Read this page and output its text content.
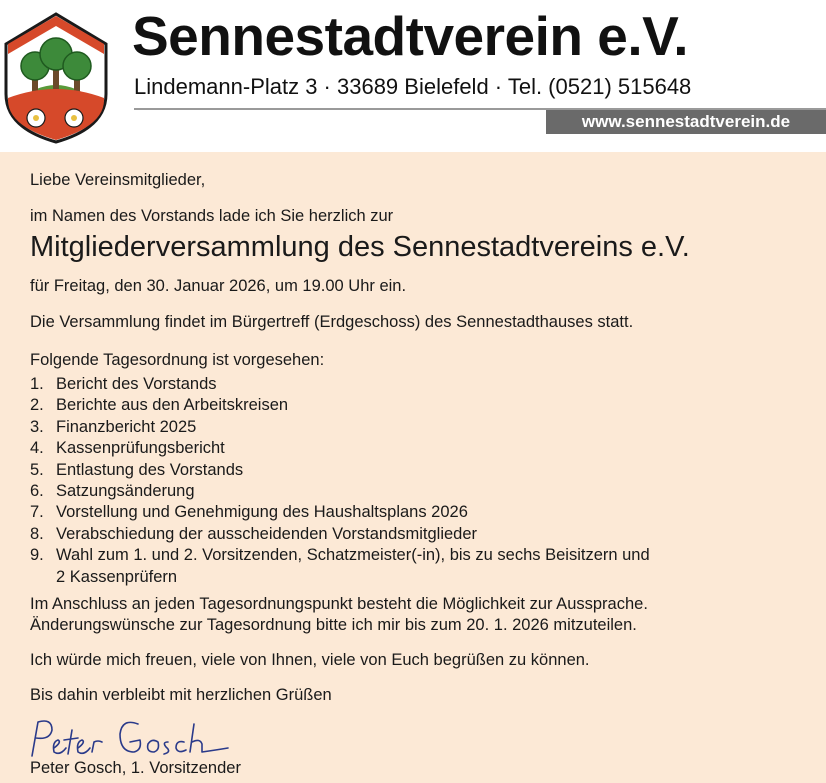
Sennestadtverein e.V.
Lindemann-Platz 3 · 33689 Bielefeld · Tel. (0521) 515648
www.sennestadtverein.de

Liebe Vereinsmitglieder,

im Namen des Vorstands lade ich Sie herzlich zur

Mitgliederversammlung des Sennestadtvereins e.V.

für Freitag, den 30. Januar 2026, um 19.00 Uhr ein.

Die Versammlung findet im Bürgertreff (Erdgeschoss) des Sennestadthauses statt.

Folgende Tagesordnung ist vorgesehen:

1. Bericht des Vorstands
2. Berichte aus den Arbeitskreisen
3. Finanzbericht 2025
4. Kassenprüfungsbericht
5. Entlastung des Vorstands
6. Satzungsänderung
7. Vorstellung und Genehmigung des Haushaltsplans 2026
8. Verabschiedung der ausscheidenden Vorstandsmitglieder
9. Wahl zum 1. und 2. Vorsitzenden, Schatzmeister(-in), bis zu sechs Beisitzern und
2 Kassenprüfern

Im Anschluss an jeden Tagesordnungspunkt besteht die Möglichkeit zur Aussprache.

Änderungswünsche zur Tagesordnung bitte ich mir bis zum 20. 1. 2026 mitzuteilen.

Ich würde mich freuen, viele von Ihnen, viele von Euch begrüßen zu können.

Bis dahin verbleibt mit herzlichen Grüßen

Peter Gosch, 1. Vorsitzender
